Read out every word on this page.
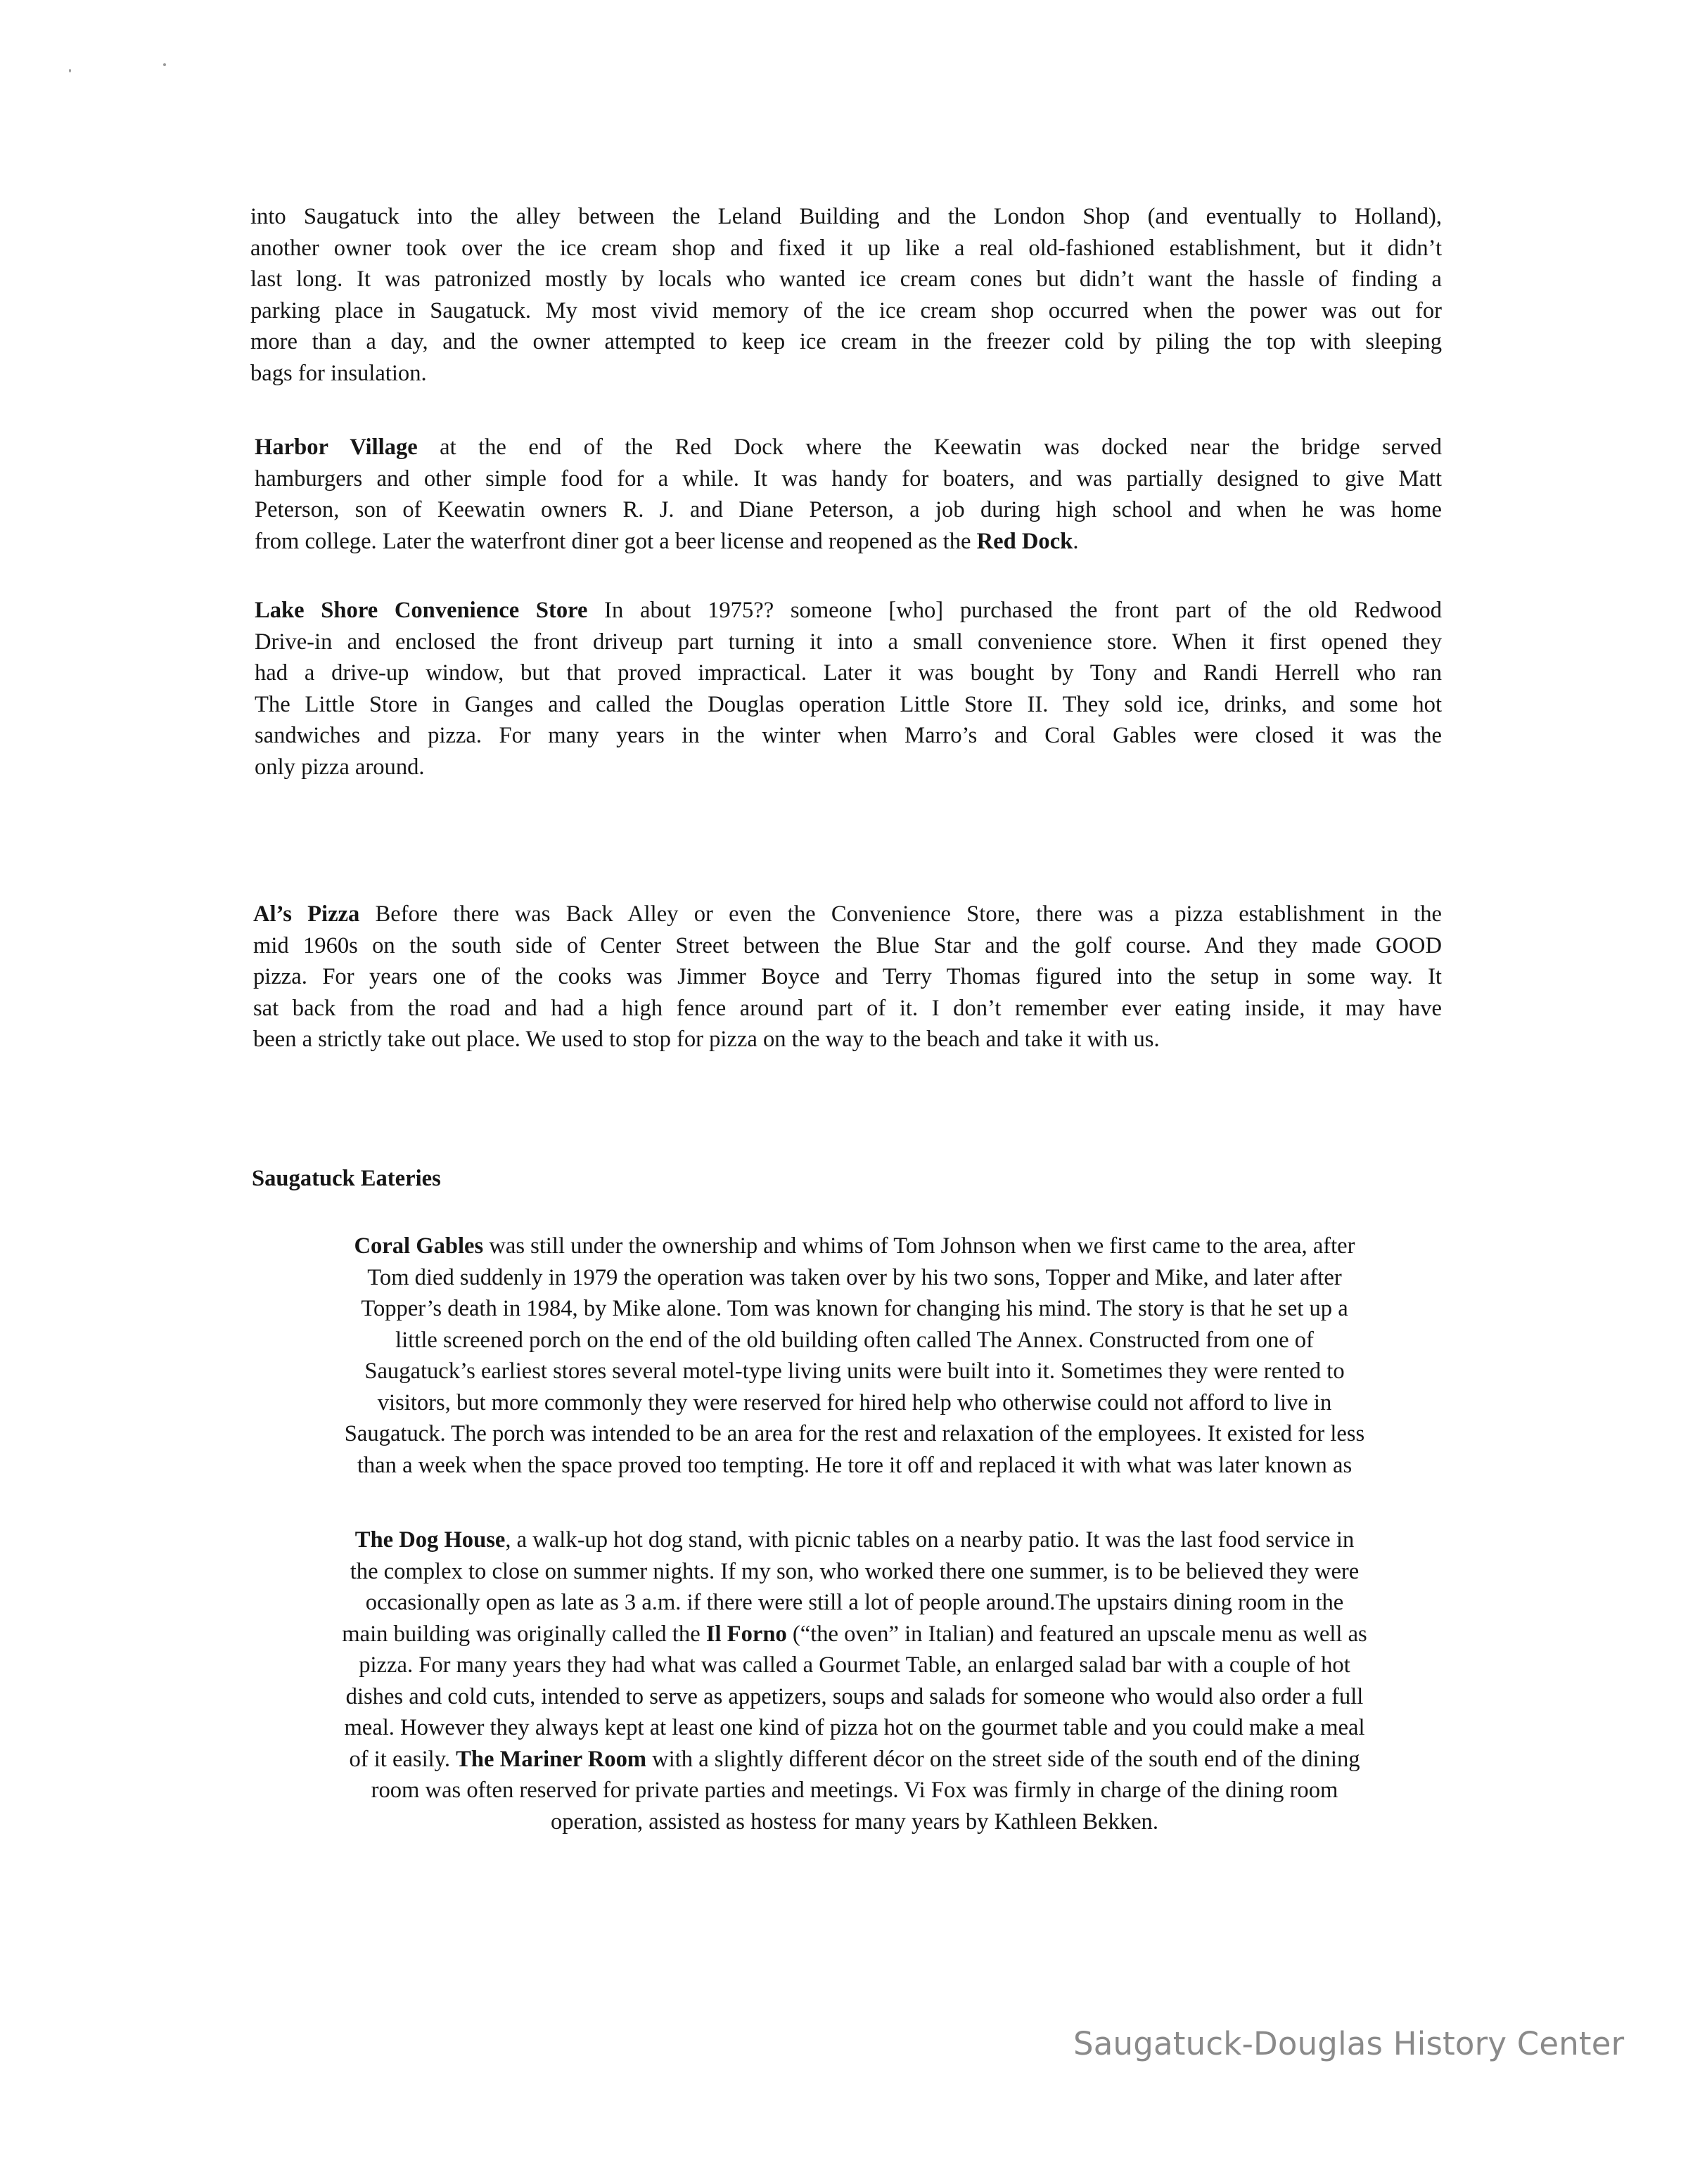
into Saugatuck into the alley between the Leland Building and the London Shop (and eventually to Holland),
another owner took over the ice cream shop and fixed it up like a real old-fashioned establishment, but it didn’t
last long. It was patronized mostly by locals who wanted ice cream cones but didn’t want the hassle of finding a
parking place in Saugatuck. My most vivid memory of the ice cream shop occurred when the power was out for
more than a day, and the owner attempted to keep ice cream in the freezer cold by piling the top with sleeping
bags for insulation.

Harbor Village at the end of the Red Dock where the Keewatin was docked near the bridge served
hamburgers and other simple food for a while. It was handy for boaters, and was partially designed to give Matt
Peterson, son of Keewatin owners R. J. and Diane Peterson, a job during high school and when he was home
from college. Later the waterfront diner got a beer license and reopened as the Red Dock.

Lake Shore Convenience Store In about 1975?? someone [who] purchased the front part of the old Redwood
Drive-in and enclosed the front driveup part turning it into a small convenience store. When it first opened they
had a drive-up window, but that proved impractical. Later it was bought by Tony and Randi Herrell who ran
The Little Store in Ganges and called the Douglas operation Little Store II. They sold ice, drinks, and some hot
sandwiches and pizza. For many years in the winter when Marro’s and Coral Gables were closed it was the
only pizza around.

Al’s Pizza Before there was Back Alley or even the Convenience Store, there was a pizza establishment in the
mid 1960s on the south side of Center Street between the Blue Star and the golf course. And they made GOOD
pizza. For years one of the cooks was Jimmer Boyce and Terry Thomas figured into the setup in some way. It
sat back from the road and had a high fence around part of it. I don’t remember ever eating inside, it may have
been a strictly take out place. We used to stop for pizza on the way to the beach and take it with us.

Saugatuck Eateries

Coral Gables was still under the ownership and whims of Tom Johnson when we first came to the area, after
Tom died suddenly in 1979 the operation was taken over by his two sons, Topper and Mike, and later after
Topper’s death in 1984, by Mike alone. Tom was known for changing his mind. The story is that he set up a
little screened porch on the end of the old building often called The Annex. Constructed from one of
Saugatuck’s earliest stores several motel-type living units were built into it. Sometimes they were rented to
visitors, but more commonly they were reserved for hired help who otherwise could not afford to live in
Saugatuck. The porch was intended to be an area for the rest and relaxation of the employees. It existed for less
than a week when the space proved too tempting. He tore it off and replaced it with what was later known as

The Dog House, a walk-up hot dog stand, with picnic tables on a nearby patio. It was the last food service in
the complex to close on summer nights. If my son, who worked there one summer, is to be believed they were
occasionally open as late as 3 a.m. if there were still a lot of people around.The upstairs dining room in the
main building was originally called the Il Forno (“the oven” in Italian) and featured an upscale menu as well as
pizza. For many years they had what was called a Gourmet Table, an enlarged salad bar with a couple of hot
dishes and cold cuts, intended to serve as appetizers, soups and salads for someone who would also order a full
meal. However they always kept at least one kind of pizza hot on the gourmet table and you could make a meal
of it easily. The Mariner Room with a slightly different décor on the street side of the south end of the dining
room was often reserved for private parties and meetings. Vi Fox was firmly in charge of the dining room
operation, assisted as hostess for many years by Kathleen Bekken.

Saugatuck-Douglas History Center
